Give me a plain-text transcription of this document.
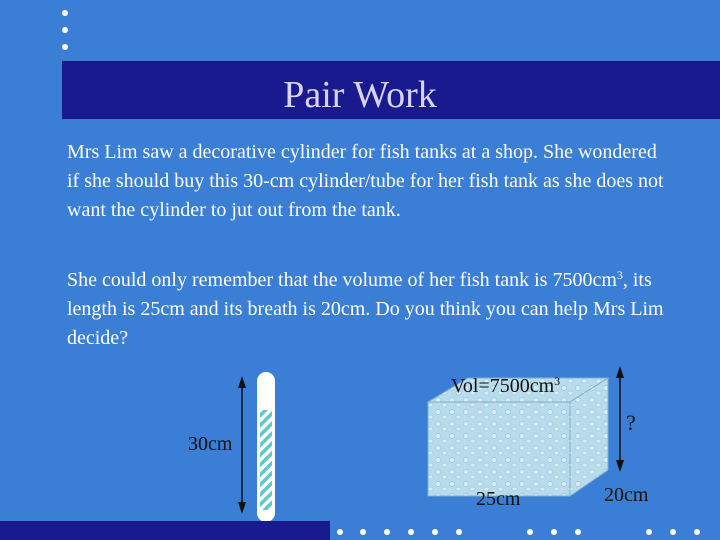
Pair Work

Mrs Lim saw a decorative cylinder for fish tanks at a shop. She wondered if she should buy this 30-cm cylinder/tube for her fish tank as she does not want the cylinder to jut out from the tank.

She could only remember that the volume of her fish tank is $7500cm^3$, its length is 25cm and its breath is 20cm. Do you think you can help Mrs Lim decide?

30cm
$Vol=7500cm^3$
?
25cm	20cm
